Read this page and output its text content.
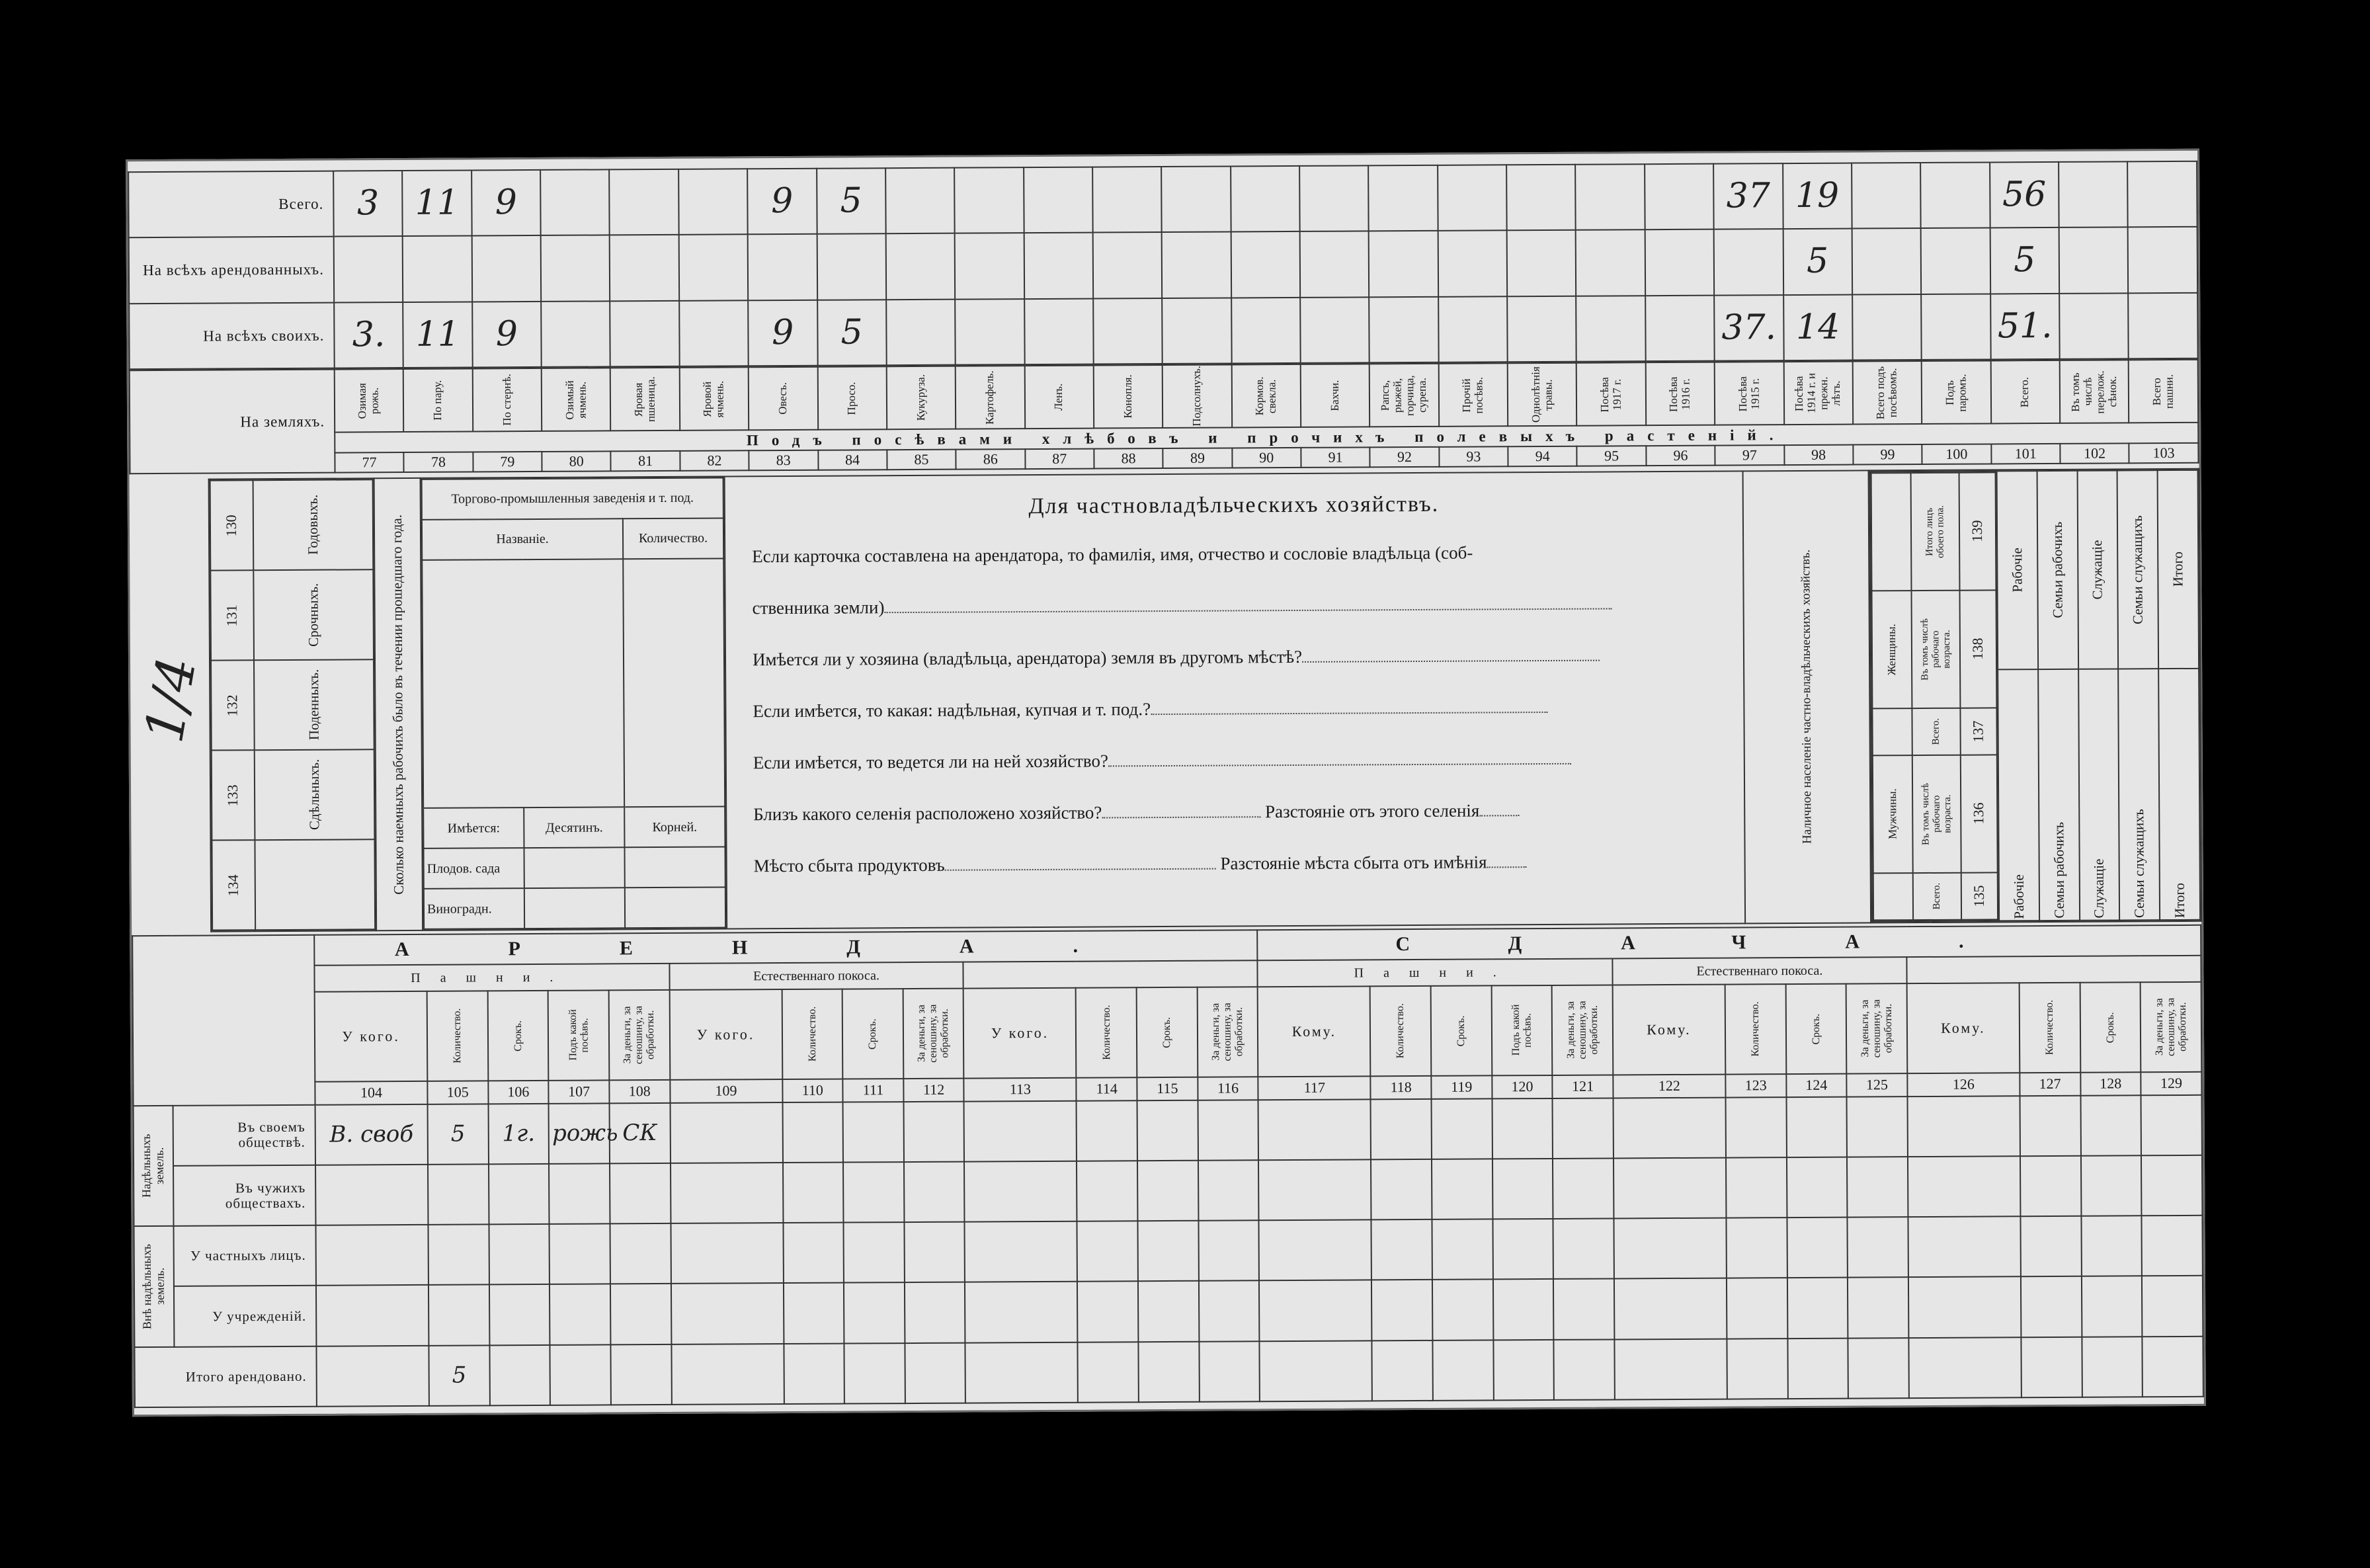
Всего.	3	11	9				9	5													37	19			56		
На всѣхъ арендованныхъ.																						5			5		
На всѣхъ своихъ.	3.	11	9				9	5													37.	14			51.		
На земляхъ.	Озимая рожь.	По пару.	По стернѣ.	Озимый ячмень.	Яровая пшеница.	Яровой ячмень.	Овесъ.	Просо.	Кукуруза.	Картофель.	Ленъ.	Конопля.	Подсолнухъ.	Кормов. свекла.	Бахчи.	Рапсъ, рыжей, горчица, сурепа.	Прочій посѣвъ.	Однолѣтнія травы.	Посѣва 1917 г.	Посѣва 1916 г.	Посѣва 1915 г.	Посѣва 1914 г. и прежн. лѣтъ.	Всего подъ посѣвомъ.	Подъ паромъ.	Всего.	Въ томъ числѣ перелож. сѣнок.	Всего пашни.

	Подъ посѣвами хлѣбовъ и прочихъ полевыхъ растеній.																										
	77	78	79	80	81	82	83	84	85	86	87	88	89	90	91	92	93	94	95	96	97	98	99	100	101	102	103
1/4

130	Годовыхъ.

131	Срочныхъ.

132	Поденныхъ.

133	Сдѣльныхъ.

134

		Сколько наемныхъ рабочихъ было въ течении прошедшаго года.

Торгово-промышленныя заведенія и т. под.
Названіе.	Количество.

Имѣется:	Десятинъ.	Корней.
Плодов. сада		
Виноградн.		

Для частновладѣльческихъ хозяйствъ.
Если карточка составлена на арендатора, то фамилія, имя, отчество и сословіе владѣльца (соб-
ственника земли)
Имѣется ли у хозяина (владѣльца, арендатора) земля въ другомъ мѣстѣ?
Если имѣется, то какая: надѣльная, купчая и т. под.?
Если имѣется, то ведется ли на ней хозяйство?
Близъ какого селенія расположено хозяйство?	Разстояніе отъ этого селенія
Мѣсто сбыта продуктовъ	Разстояніе мѣста сбыта отъ имѣнія

Наличное населеніе частно-владѣльческихъ хозяйствъ.

Итого лицъ обоего пола.	139

Женщины.	Въ томъ числѣ рабочаго возраста.	138

Всего.	137

Мужчины.	Въ томъ числѣ рабочаго возраста.	136

Всего.	135

Рабочіе	Семьи рабочихъ	Служащіе	Семьи служащихъ	Итого

Рабочіе	Семьи рабочихъ	Служащіе	Семьи служащихъ	Итого
	АРЕНДА.													СДАЧА.												
		Пашни.					Естественнаго покоса.								Пашни.					Естественнаго покоса.							
		У кого.	Количество.	Срокъ.	Подъ какой посѣвъ.	За деньги, за сеношину, за обработки.	У кого.	Количество.	Срокъ.	За деньги, за сеношину, за обработки.	У кого.	Количество.	Срокъ.	За деньги, за сеношину, за обработки.	Кому.	Количество.	Срокъ.	Подъ какой посѣвъ.	За деньги, за сеношину, за обработки.	Кому.	Количество.	Срокъ.	За деньги, за сеношину, за обработки.	Кому.	Количество.	Срокъ.	За деньги, за сеношину, за обработки.

		104	105	106	107	108	109	110	111	112	113	114	115	116	117	118	119	120	121	122	123	124	125	126	127	128	129

Надѣльныхъ земель.	Въ своемъ обществѣ.	В. своб	5	1г.	рожь	СК																					
	Въ чужихъ обществахъ.																										

Внѣ надѣльныхъ земель.	У частныхъ лицъ.																										
	У учрежденій.																										
Итого арендовано.			5																								
